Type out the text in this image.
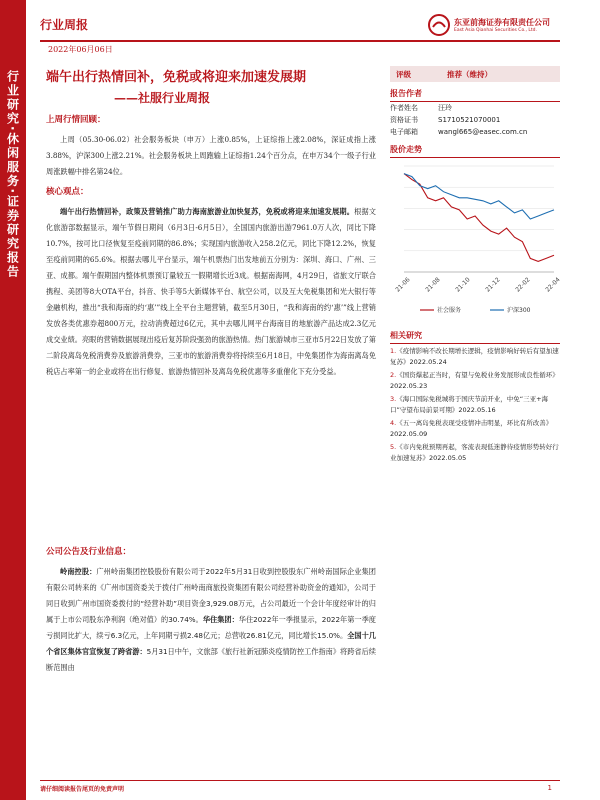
行业研究·休闲服务·证券研究报告
行业周报
2022年06月06日
东亚前海证券有限责任公司
East Asia Qianhai Securities Co., Ltd.
端午出行热情回补，免税或将迎来加速发展期
——社服行业周报
上周行情回顾：

上周（05.30-06.02）社会服务板块（申万）上涨0.85%，上证综指上涨2.08%，深证成指上涨3.88%，沪深300上涨2.21%。社会服务板块上周跑输上证综指1.24个百分点，在申万34个一级子行业周涨跌幅中排名第24位。

核心观点：

端午出行热情回补，政策及营销推广助力海南旅游业加快复苏，免税或将迎来加速发展期。根据文化旅游部数据显示，端午节假日期间（6月3日-6月5日），全国国内旅游出游7961.0万人次，同比下降10.7%，按可比口径恢复至疫前同期的86.8%；实现国内旅游收入258.2亿元，同比下降12.2%，恢复至疫前同期的65.6%。根据去哪儿平台显示，端午机票热门出发地前五分别为：深圳、海口、广州、三亚、成都。端午假期国内整体机票预订量较五一假期增长近3成。根据南海网，4月29日，省旅文厅联合携程、美团等8大OTA平台，抖音、快手等5大新媒体平台、航空公司，以及互大免税集团和光大银行等金融机构，推出“我和海南的约‘惠’”线上全平台主题营销，截至5月30日，“我和海南的约‘惠’”线上营销发放各类优惠券超800万元，拉动消费超过6亿元，其中去哪儿网平台海南目的地旅游产品达成2.3亿元成交业绩。亮眼的营销数据展现出疫后复苏阶段强劲的旅游热情。热门旅游城市三亚市5月22日发放了第二阶段离岛免税消费券及旅游消费券，三亚市的旅游消费券将持续至6月18日，中免集团作为海南离岛免税店占率第一的企业或将在出行修复、旅游热情回补及离岛免税优惠等多重催化下充分受益。

公司公告及行业信息：

岭南控股：广州岭南集团控股股份有限公司于2022年5月31日收到控股股东广州岭南国际企业集团有限公司转来的《广州市国资委关于拨付广州岭南商旅投资集团有限公司经营补助资金的通知》，公司于同日收到广州市国资委拨付的“经营补助”项目资金3,929.08万元，占公司最近一个会计年度经审计的归属于上市公司股东净利润（绝对值）的30.74%。华住集团：华住2022年一季报显示，2022年第一季度亏损同比扩大，续亏6.3亿元，上年同期亏损2.48亿元；总营收26.81亿元，同比增长15.0%。全国十几个省区集体官宣恢复了跨省游：5月31日中午，文旅部《旅行社新冠肺炎疫情防控工作指南》将跨省后续断范围由

评级	推荐（维持）
报告作者
作者姓名	汪玲
资格证书	S1710521070001
电子邮箱	wangl665@easec.com.cn
股价走势
21-06 21-08 21-10 21-12 22-02 22-04
社会服务	沪深300
相关研究
1.《疫情影响不改长期增长逻辑，疫情影响好转后有望加速复苏》2022.05.24
2.《国资爆起正当时，有望与免税业务发展形成良性循环》2022.05.23
3.《海口国际免税城将于国庆节前开业，中免“三亚+海口”守望布局前景可期》2022.05.16
4.《五一离岛免税表现受疫情冲击明显，环比有所改善》2022.05.09
5.《市内免税预期再起，客流表现低迷静待疫情形势转好行业加速复苏》2022.05.05
请仔细阅读报告尾页的免责声明	1
